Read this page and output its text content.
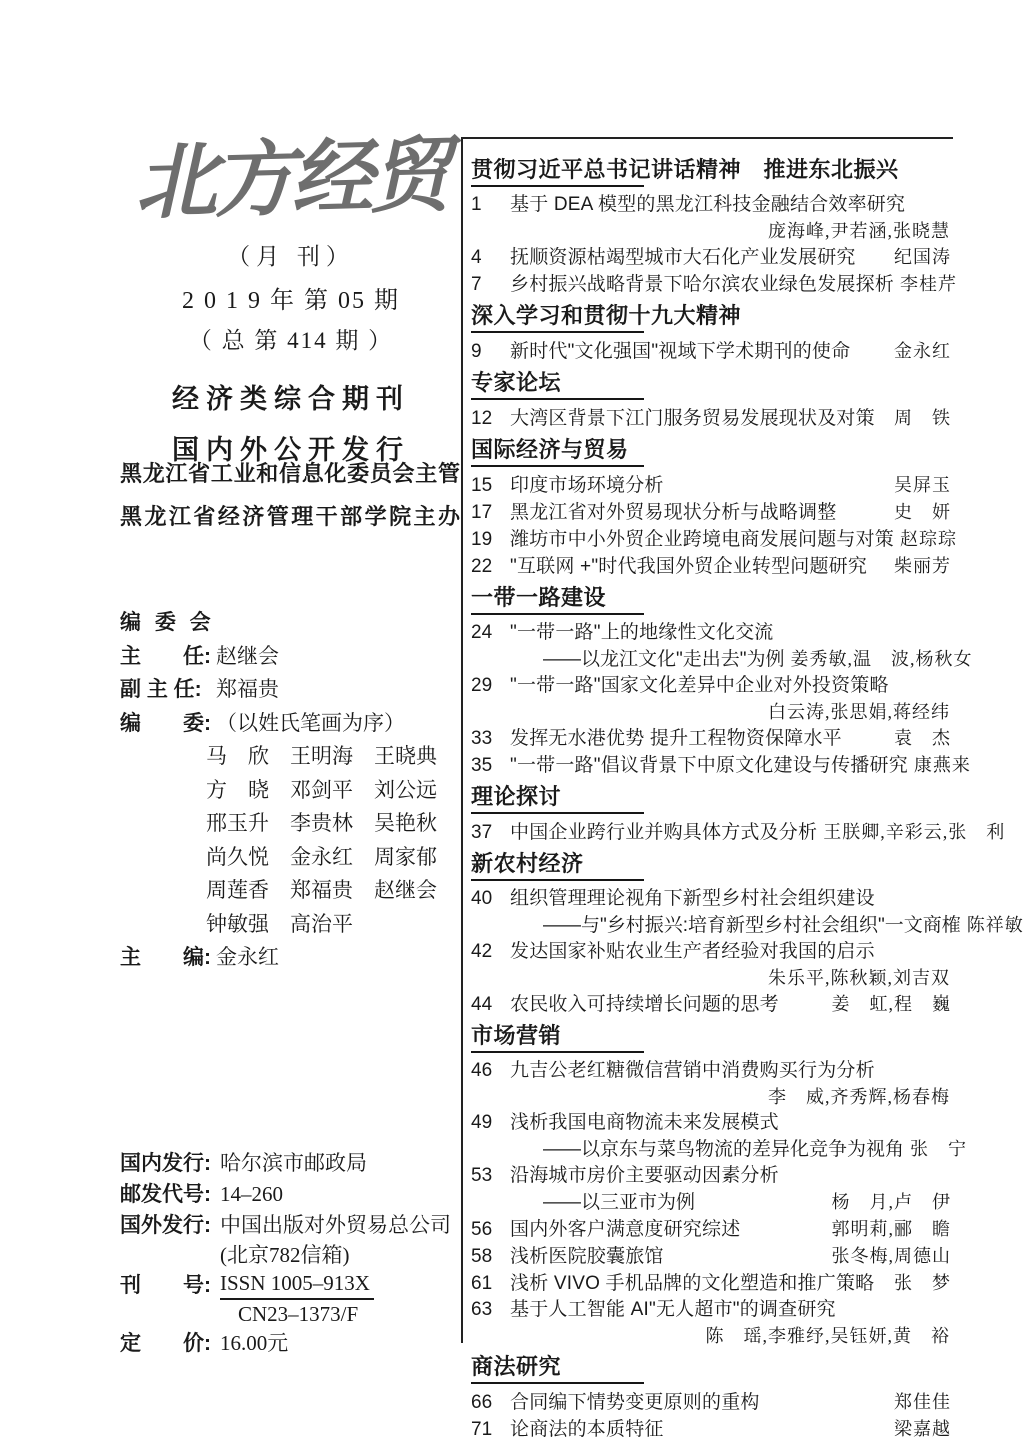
北方经贸
（月 刊）
2 0 1 9 年 第 05 期
（ 总 第 414 期 ）
经济类综合期刊
国内外公开发行
黑龙江省工业和信息化委员会主管
黑龙江省经济管理干部学院主办
编 委 会
主　　任: 赵继会
副 主 任: 郑福贵
编　　委: （以姓氏笔画为序）
马　欣　王明海　王晓典
方　晓　邓剑平　刘公远
邢玉升　李贵林　吴艳秋
尚久悦　金永红　周家郁
周莲香　郑福贵　赵继会
钟敏强　高治平
主　　编: 金永红
国内发行: 哈尔滨市邮政局
邮发代号: 14–260
国外发行: 中国出版对外贸易总公司
(北京782信箱)
刊　　号: $\frac{\text{ISSN 1005–913X}}{CN23-1373/F}$
定　　价: 16.00元
贯彻习近平总书记讲话精神　推进东北振兴
1	基于 DEA 模型的黑龙江科技金融结合效率研究
庞海峰,尹若涵,张晓慧
4	抚顺资源枯竭型城市大石化产业发展研究	纪国涛
7	乡村振兴战略背景下哈尔滨农业绿色发展探析 李桂芹
深入学习和贯彻十九大精神
9	新时代"文化强国"视域下学术期刊的使命	金永红
专家论坛
12 大湾区背景下江门服务贸易发展现状及对策	周　铁
国际经济与贸易
15 印度市场环境分析	吴屏玉
17 黑龙江省对外贸易现状分析与战略调整	史　妍
19 潍坊市中小外贸企业跨境电商发展问题与对策 赵琮琮
22 "互联网 +"时代我国外贸企业转型问题研究	柴丽芳
一带一路建设
24 "一带一路"上的地缘性文化交流
——以龙江文化"走出去"为例 姜秀敏,温　波,杨秋女
29 "一带一路"国家文化差异中企业对外投资策略
白云涛,张思娟,蒋经纬
33 发挥无水港优势 提升工程物资保障水平	袁　杰
35 "一带一路"倡议背景下中原文化建设与传播研究 康燕来
理论探讨
37 中国企业跨行业并购具体方式及分析 王朕卿,辛彩云,张　利
新农村经济
40 组织管理理论视角下新型乡村社会组织建设
——与"乡村振兴:培育新型乡村社会组织"一文商榷 陈祥敏
42 发达国家补贴农业生产者经验对我国的启示
朱乐平,陈秋颖,刘吉双
44 农民收入可持续增长问题的思考	姜　虹,程　巍
市场营销
46 九吉公老红糖微信营销中消费购买行为分析
李　威,齐秀辉,杨春梅
49 浅析我国电商物流未来发展模式
——以京东与菜鸟物流的差异化竞争为视角 张　宁
53 沿海城市房价主要驱动因素分析
——以三亚市为例	杨　月,卢　伊
56 国内外客户满意度研究综述	郭明莉,郦　瞻
58 浅析医院胶囊旅馆	张冬梅,周德山
61 浅析 VIVO 手机品牌的文化塑造和推广策略	张　梦
63 基于人工智能 AI"无人超市"的调查研究
陈　瑶,李雅纾,吴钰妍,黄　裕
商法研究
66 合同编下情势变更原则的重构	郑佳佳
71 论商法的本质特征	梁嘉越
